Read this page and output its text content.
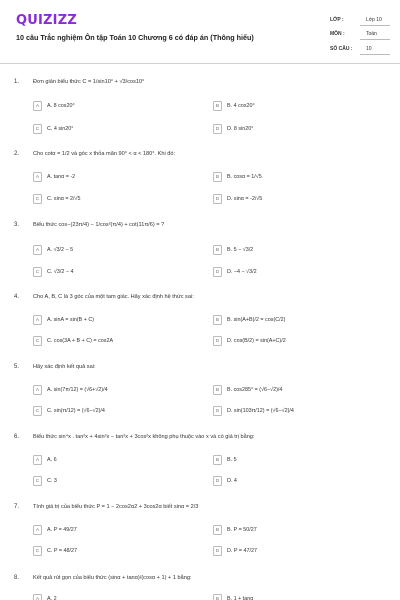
QUIZIZZ
10 câu Trắc nghiệm Ôn tập Toán 10 Chương 6 có đáp án (Thông hiểu)
LỚP :	Lớp 10
MÔN :	Toán
SỐ CÂU :	10
1. Đơn giản biểu thức C = 1/sin10° + √3/cos10°
A	A. 8 cos20°	B	B. 4 cos20°
C	C. 4 sin20°	D	D. 8 sin20°
2. Cho cotα = 1/2 và góc x thỏa mãn 90° < α < 180°. Khi đó:
A	A. tanα = -2	B	B. cosα = 1/√5
C	C. sinα = 2/√5	D	D. sinα = -2/√5
3. Biểu thức cos−(23π/4) − 1/cos²(π/4) + cot(11π/6) = ?
A	A. √3/2 − 5	B	B. 5 − √3/2
C	C. √3/2 − 4	D	D. −4 − √3/2
4. Cho A, B, C là 3 góc của một tam giác. Hãy xác định hệ thức sai:
A	A. sinA = sin(B + C)	B	B. sin(A+B)/2 = cos(C/2)
C	C. cos(3A + B + C) = cos2A	D	D. cos(B/2) = sin(A+C)/2
5. Hãy xác định kết quả sai:
A	A. sin(7π/12) = (√6+√2)/4	B	B. cos285° = (√6−√2)/4
C	C. sin(π/12) = (√6−√2)/4	D	D. sin(103π/12) = (√6−√2)/4
6. Biểu thức sin⁴x . tan²x + 4sin²x − tan²x + 3cos²x không phụ thuộc vào x và có giá trị bằng:
A	A. 6	B	B. 5
C	C. 3	D	D. 4
7. Tính giá trị của biểu thức P = 1 − 2cos2α2 + 3cos2α biết sinα = 2/3
A	A. P = 49/27	B	B. P = 50/27
C	C. P = 48/27	D	D. P = 47/27
8. Kết quả rút gọn của biểu thức (sinα + tanα)/(cosα + 1) + 1 bằng:
A	A. 2	B	B. 1 + tanα
